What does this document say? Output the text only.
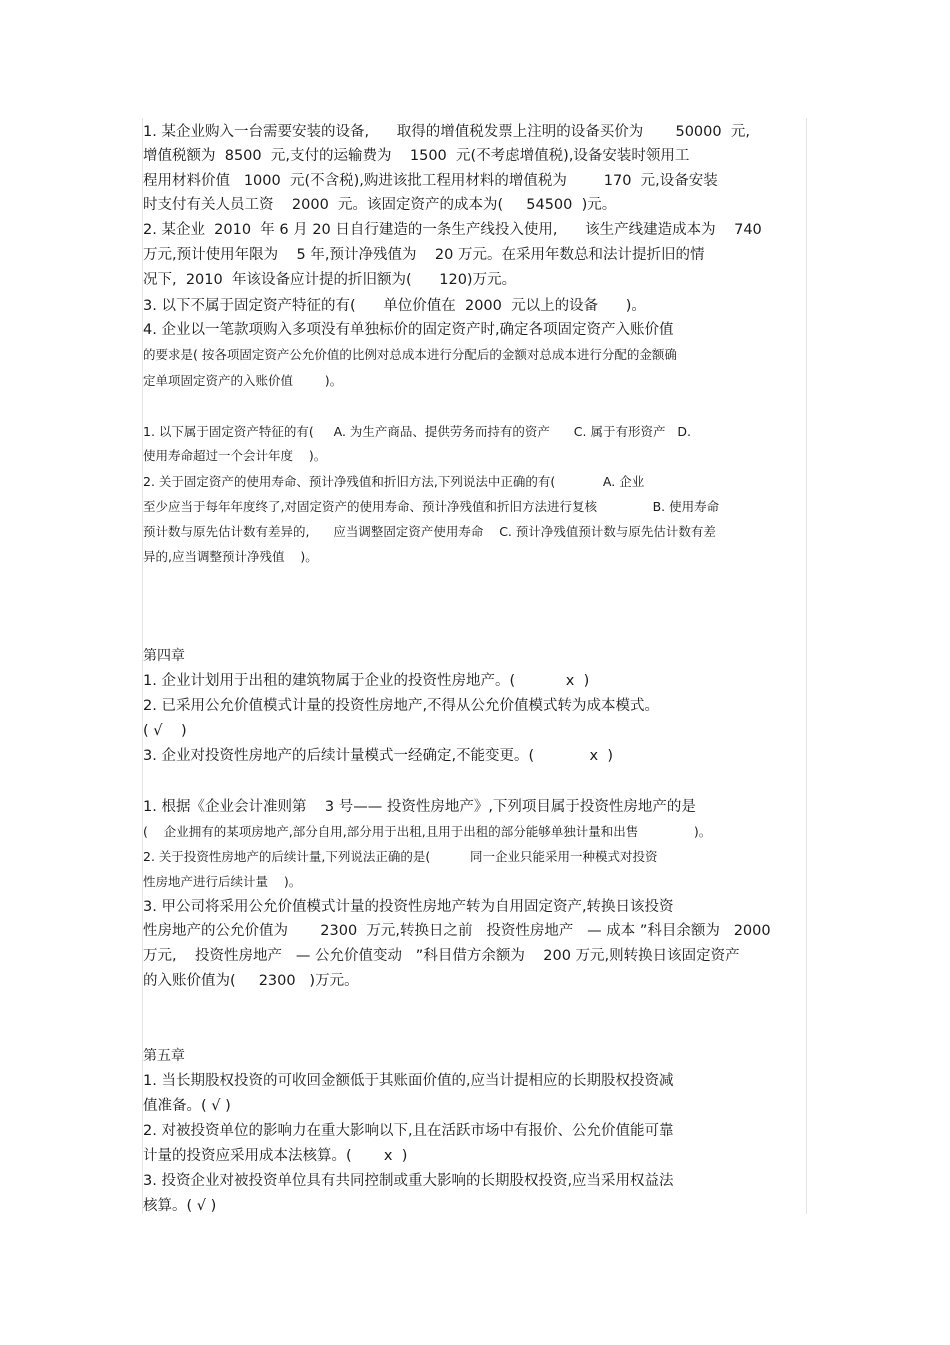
1. 某企业购入一台需要安装的设备,      取得的增值税发票上注明的设备买价为       50000  元,
增值税额为  8500  元,支付的运输费为    1500  元(不考虑增值税),设备安装时领用工
程用材料价值   1000  元(不含税),购进该批工程用材料的增值税为        170  元,设备安装
时支付有关人员工资    2000  元。该固定资产的成本为(     54500  )元。
2. 某企业  2010  年 6 月 20 日自行建造的一条生产线投入使用,      该生产线建造成本为    740
万元,预计使用年限为    5 年,预计净残值为    20 万元。在采用年数总和法计提折旧的情
况下,  2010  年该设备应计提的折旧额为(      120)万元。
3. 以下不属于固定资产特征的有(      单位价值在  2000  元以上的设备      )。
4. 企业以一笔款项购入多项没有单独标价的固定资产时,确定各项固定资产入账价值
的要求是( 按各项固定资产公允价值的比例对总成本进行分配后的金额对总成本进行分配的金额确
定单项固定资产的入账价值        )。
1. 以下属于固定资产特征的有(     A. 为生产商品、提供劳务而持有的资产      C. 属于有形资产   D.
使用寿命超过一个会计年度    )。
2. 关于固定资产的使用寿命、预计净残值和折旧方法,下列说法中正确的有(            A. 企业
至少应当于每年年度终了,对固定资产的使用寿命、预计净残值和折旧方法进行复核              B. 使用寿命
预计数与原先估计数有差异的,      应当调整固定资产使用寿命    C. 预计净残值预计数与原先估计数有差
异的,应当调整预计净残值    )。
第四章
1. 企业计划用于出租的建筑物属于企业的投资性房地产。(           x  )
2. 已采用公允价值模式计量的投资性房地产,不得从公允价值模式转为成本模式。
( √    )
3. 企业对投资性房地产的后续计量模式一经确定,不能变更。(            x  )
1. 根据《企业会计准则第    3 号—— 投资性房地产》,下列项目属于投资性房地产的是
(    企业拥有的某项房地产,部分自用,部分用于出租,且用于出租的部分能够单独计量和出售              )。
2. 关于投资性房地产的后续计量,下列说法正确的是(          同一企业只能采用一种模式对投资
性房地产进行后续计量    )。
3. 甲公司将采用公允价值模式计量的投资性房地产转为自用固定资产,转换日该投资
性房地产的公允价值为       2300  万元,转换日之前   投资性房地产   — 成本 ”科目余额为   2000
万元,    投资性房地产   — 公允价值变动   ”科目借方余额为    200 万元,则转换日该固定资产
的入账价值为(     2300   )万元。
第五章
1. 当长期股权投资的可收回金额低于其账面价值的,应当计提相应的长期股权投资减
值准备。( √ )
2. 对被投资单位的影响力在重大影响以下,且在活跃市场中有报价、公允价值能可靠
计量的投资应采用成本法核算。(       x  )
3. 投资企业对被投资单位具有共同控制或重大影响的长期股权投资,应当采用权益法
核算。( √ )
